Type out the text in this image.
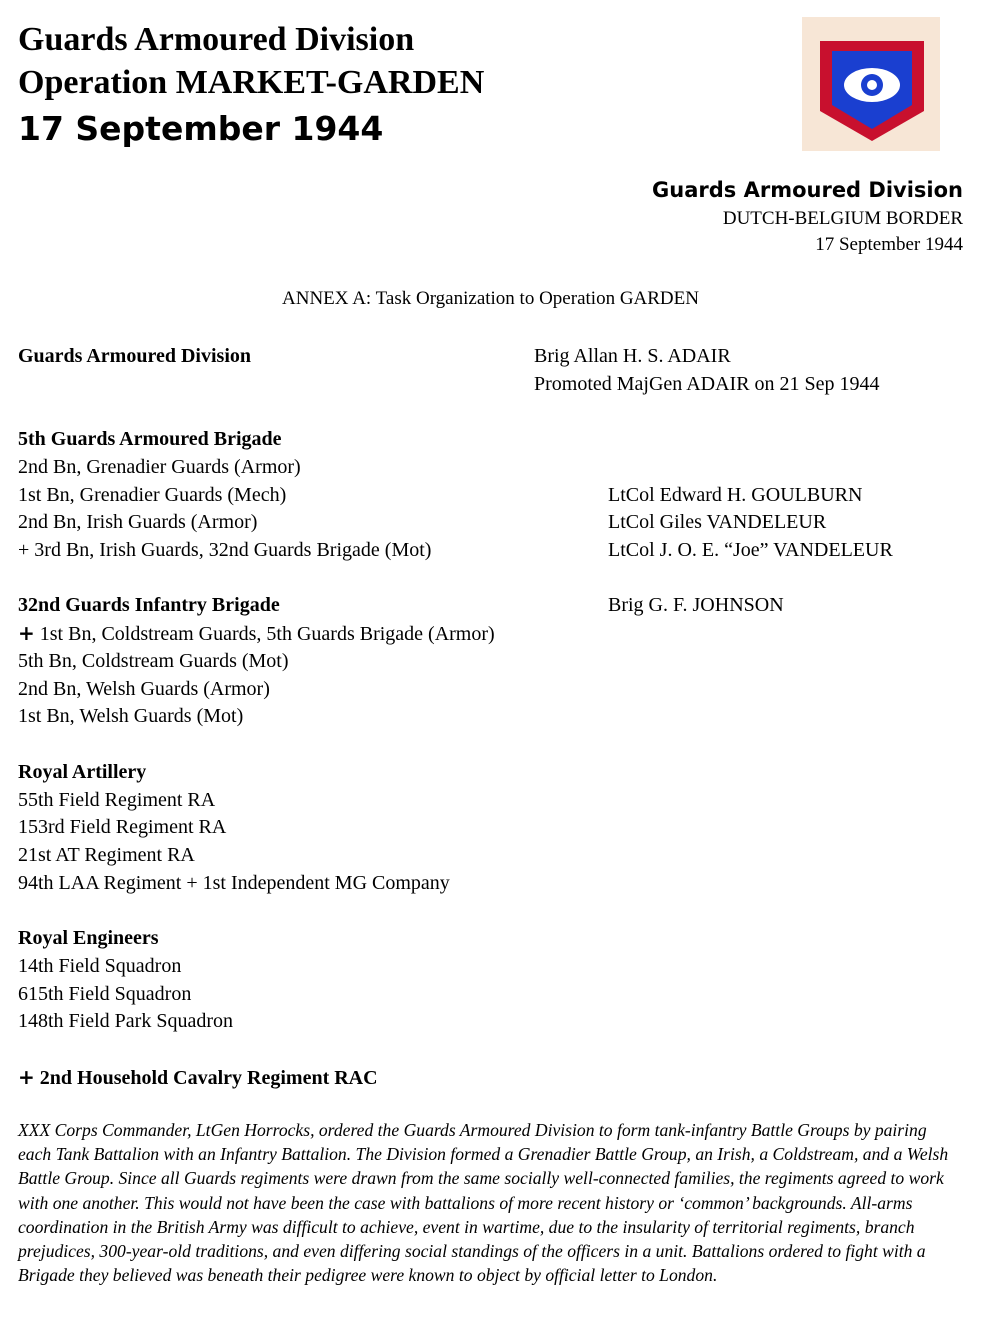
Guards Armoured Division
Operation MARKET-GARDEN
17 September 1944
Guards Armoured Division
DUTCH-BELGIUM BORDER
17 September 1944
ANNEX A: Task Organization to Operation GARDEN
Guards Armoured Division	Brig Allan H. S. ADAIR
Promoted MajGen ADAIR on 21 Sep 1944
5th Guards Armoured Brigade
2nd Bn, Grenadier Guards (Armor)
1st Bn, Grenadier Guards (Mech)	LtCol Edward H. GOULBURN
2nd Bn, Irish Guards (Armor)	LtCol Giles VANDELEUR
+ 3rd Bn, Irish Guards, 32nd Guards Brigade (Mot)	LtCol J. O. E. “Joe” VANDELEUR
32nd Guards Infantry Brigade	Brig G. F. JOHNSON
+ 1st Bn, Coldstream Guards, 5th Guards Brigade (Armor)
5th Bn, Coldstream Guards (Mot)
2nd Bn, Welsh Guards (Armor)
1st Bn, Welsh Guards (Mot)
Royal Artillery
55th Field Regiment RA
153rd Field Regiment RA
21st AT Regiment RA
94th LAA Regiment + 1st Independent MG Company
Royal Engineers
14th Field Squadron
615th Field Squadron
148th Field Park Squadron
+ 2nd Household Cavalry Regiment RAC
XXX Corps Commander, LtGen Horrocks, ordered the Guards Armoured Division to form tank-infantry Battle Groups by pairing each Tank Battalion with an Infantry Battalion. The Division formed a Grenadier Battle Group, an Irish, a Coldstream, and a Welsh Battle Group. Since all Guards regiments were drawn from the same socially well-connected families, the regiments agreed to work with one another. This would not have been the case with battalions of more recent history or ‘common’ backgrounds. All-arms coordination in the British Army was difficult to achieve, event in wartime, due to the insularity of territorial regiments, branch prejudices, 300-year-old traditions, and even differing social standings of the officers in a unit. Battalions ordered to fight with a Brigade they believed was beneath their pedigree were known to object by official letter to London.
